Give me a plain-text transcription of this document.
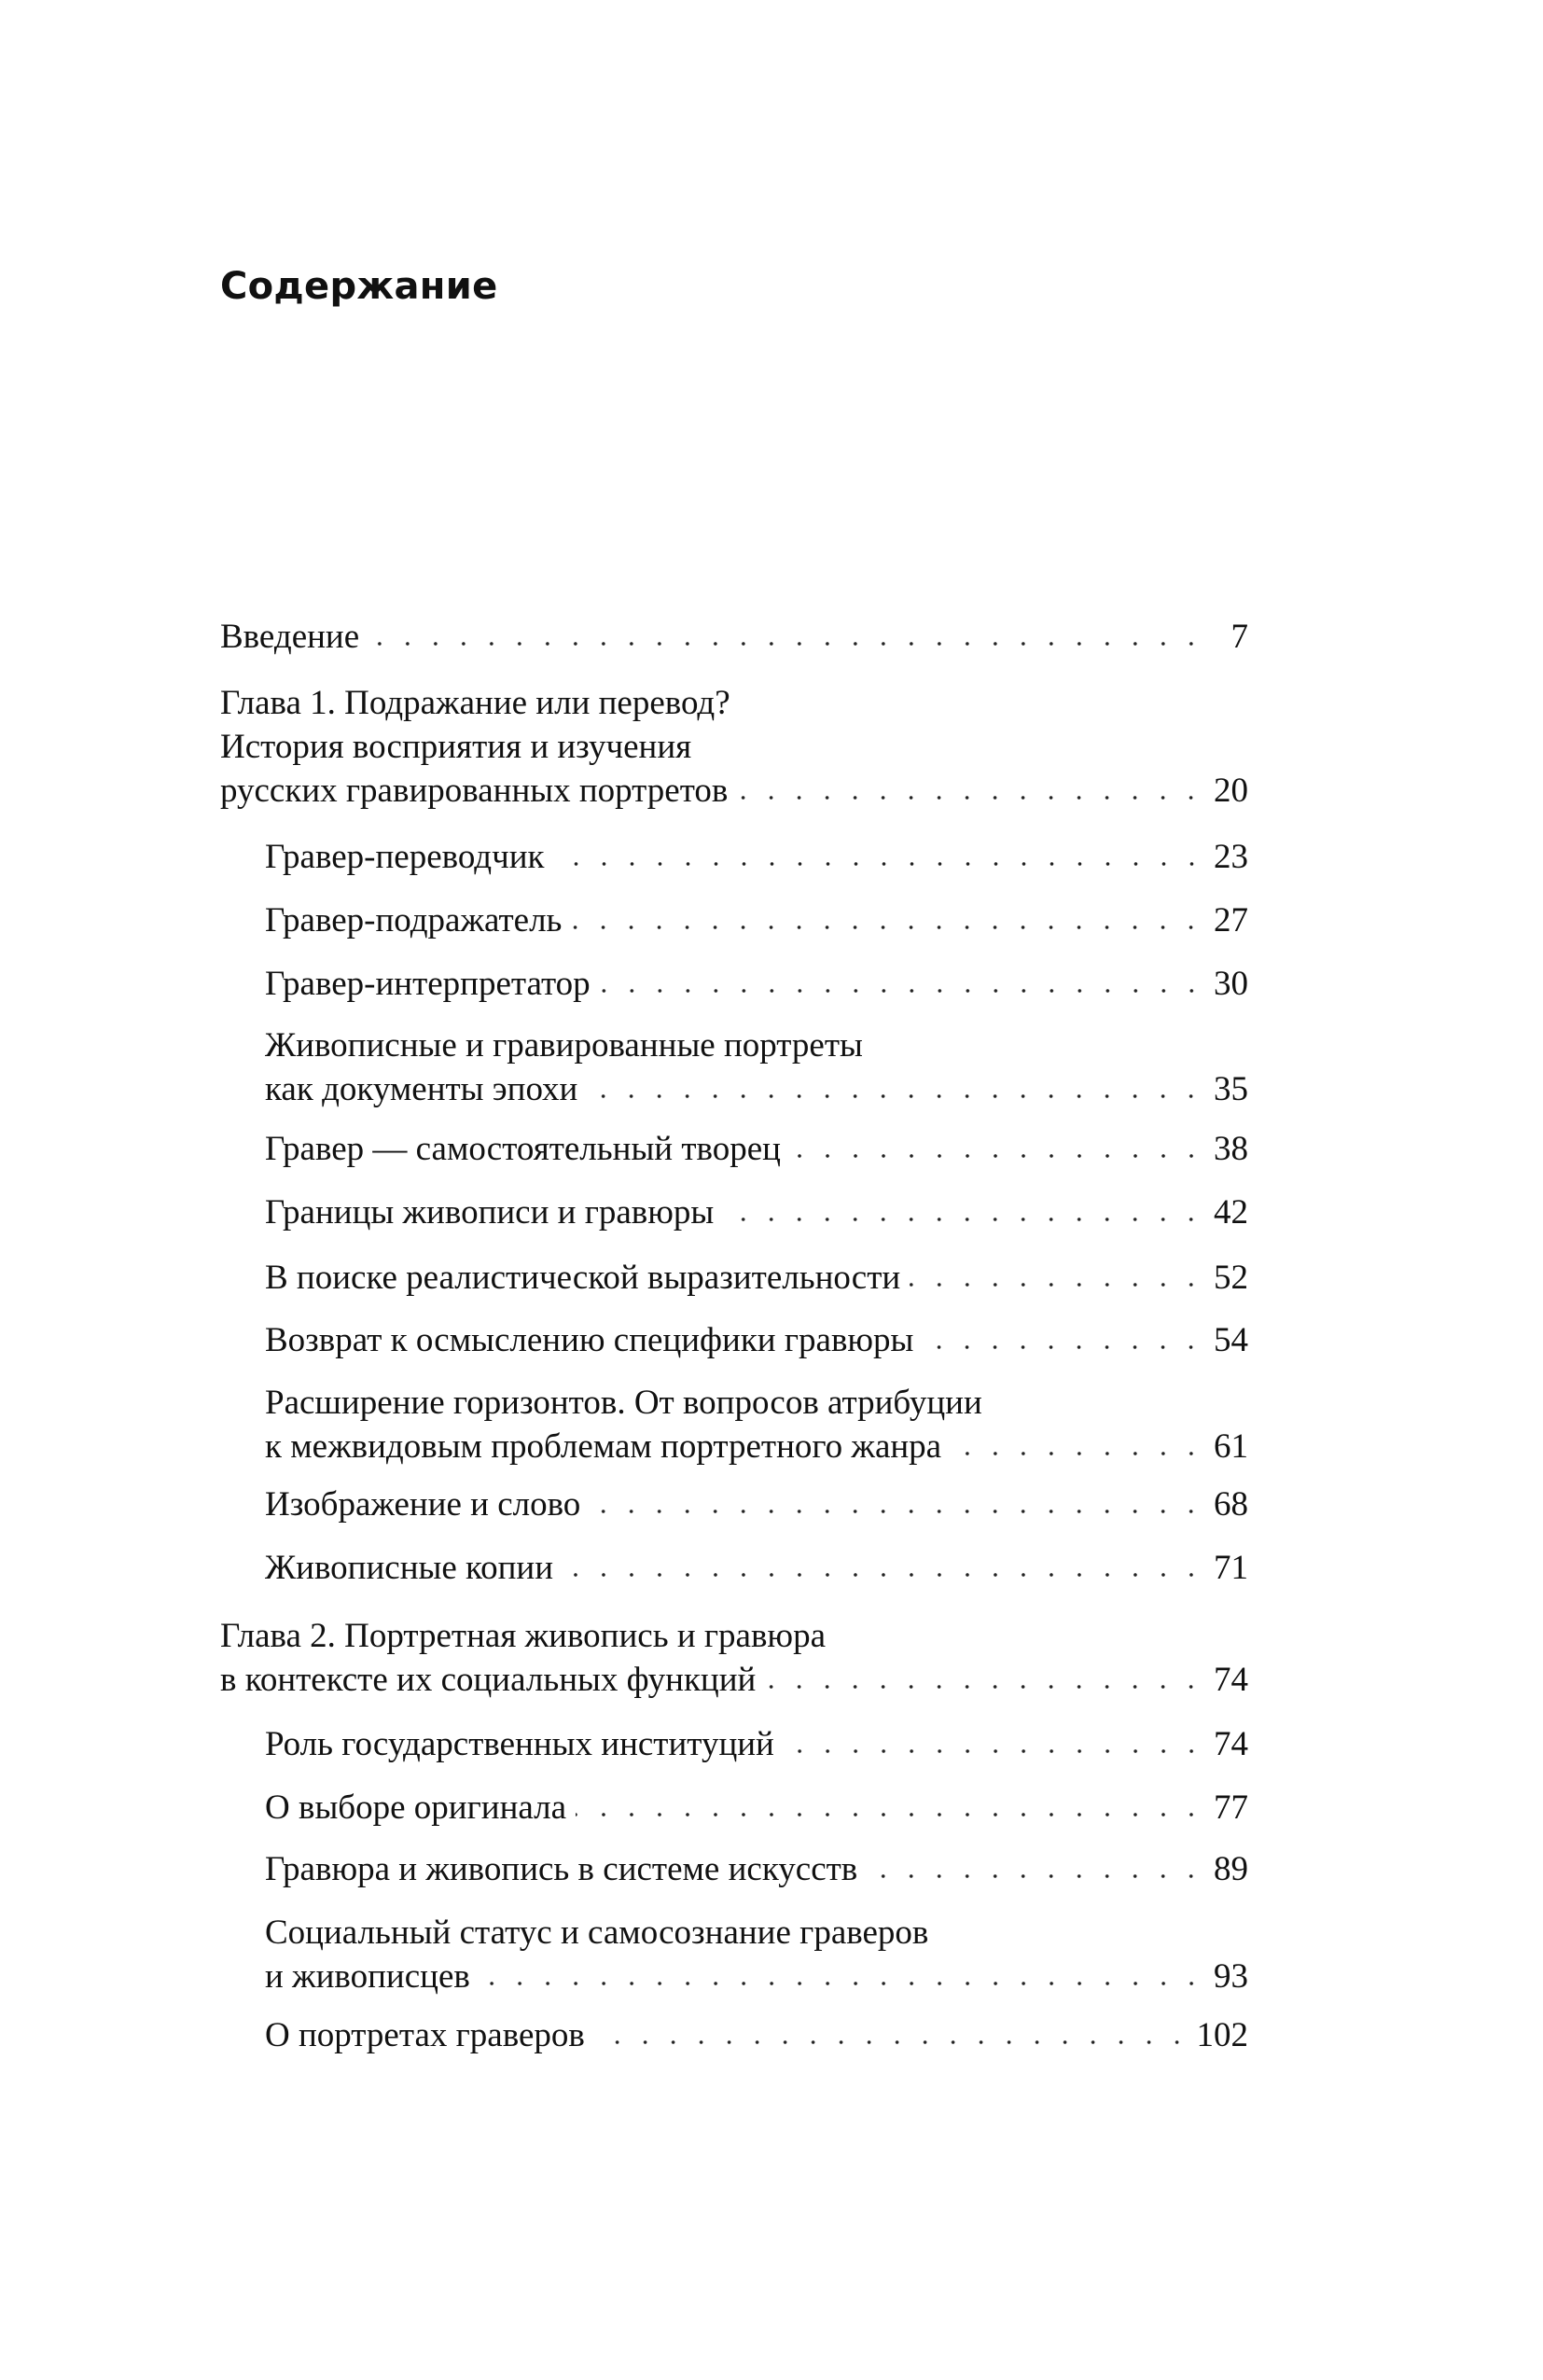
Содержание
Введение	7
Глава 1. Подражание или перевод?
История восприятия и изучения
русских гравированных портретов	20
Гравер-переводчик	23
Гравер-подражатель	27
Гравер-интерпретатор	30
Живописные и гравированные портреты
как документы эпохи	35
Гравер — самостоятельный творец	38
Границы живописи и гравюры	42
В поиске реалистической выразительности	52
Возврат к осмыслению специфики гравюры	54
Расширение горизонтов. От вопросов атрибуции
к межвидовым проблемам портретного жанра	61
Изображение и слово	68
Живописные копии	71
Глава 2. Портретная живопись и гравюра
в контексте их социальных функций	74
Роль государственных институций	74
О выборе оригинала	77
Гравюра и живопись в системе искусств	89
Социальный статус и самосознание граверов
и живописцев	93
О портретах граверов	102
